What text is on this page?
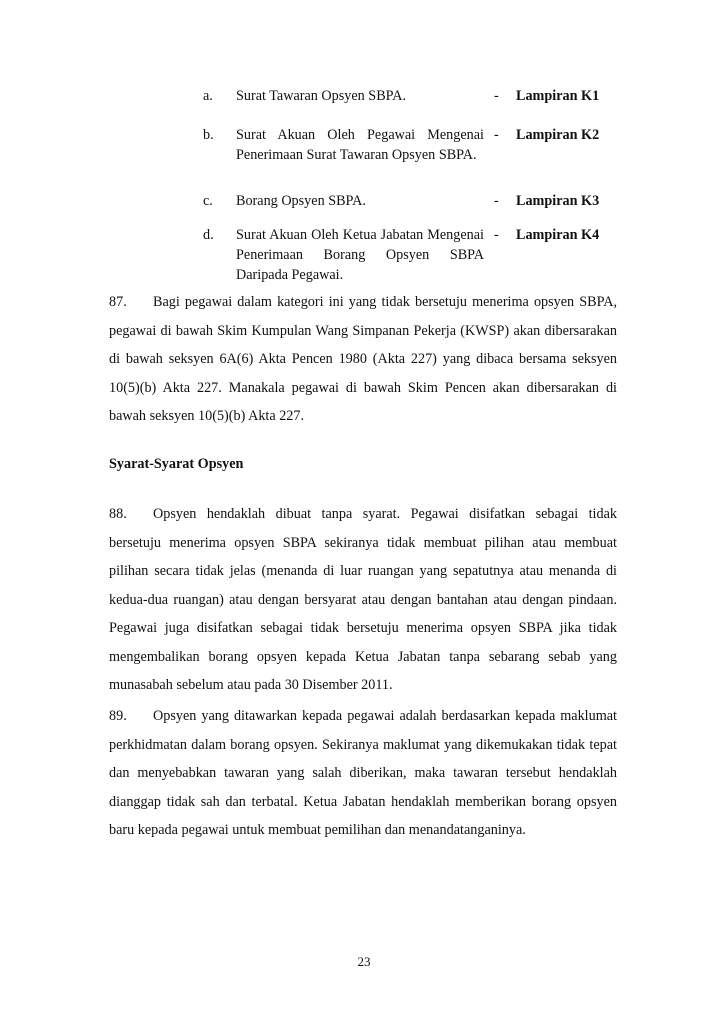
a. Surat Tawaran Opsyen SBPA.	- Lampiran K1
b. Surat Akuan Oleh Pegawai Mengenai Penerimaan Surat Tawaran Opsyen SBPA.
- Lampiran K2
c. Borang Opsyen SBPA.	- Lampiran K3
d. Surat Akuan Oleh Ketua Jabatan Mengenai Penerimaan Borang Opsyen SBPA Daripada Pegawai.
- Lampiran K4
87. Bagi pegawai dalam kategori ini yang tidak bersetuju menerima opsyen SBPA, pegawai di bawah Skim Kumpulan Wang Simpanan Pekerja (KWSP) akan dibersarakan di bawah seksyen 6A(6) Akta Pencen 1980 (Akta 227) yang dibaca bersama seksyen 10(5)(b) Akta 227. Manakala pegawai di bawah Skim Pencen akan dibersarakan di bawah seksyen 10(5)(b) Akta 227.
Syarat-Syarat Opsyen
88. Opsyen hendaklah dibuat tanpa syarat. Pegawai disifatkan sebagai tidak bersetuju menerima opsyen SBPA sekiranya tidak membuat pilihan atau membuat pilihan secara tidak jelas (menanda di luar ruangan yang sepatutnya atau menanda di kedua-dua ruangan) atau dengan bersyarat atau dengan bantahan atau dengan pindaan. Pegawai juga disifatkan sebagai tidak bersetuju menerima opsyen SBPA jika tidak mengembalikan borang opsyen kepada Ketua Jabatan tanpa sebarang sebab yang munasabah sebelum atau pada 30 Disember 2011.
89. Opsyen yang ditawarkan kepada pegawai adalah berdasarkan kepada maklumat perkhidmatan dalam borang opsyen. Sekiranya maklumat yang dikemukakan tidak tepat dan menyebabkan tawaran yang salah diberikan, maka tawaran tersebut hendaklah dianggap tidak sah dan terbatal. Ketua Jabatan hendaklah memberikan borang opsyen baru kepada pegawai untuk membuat pemilihan dan menandatanganinya.
23
